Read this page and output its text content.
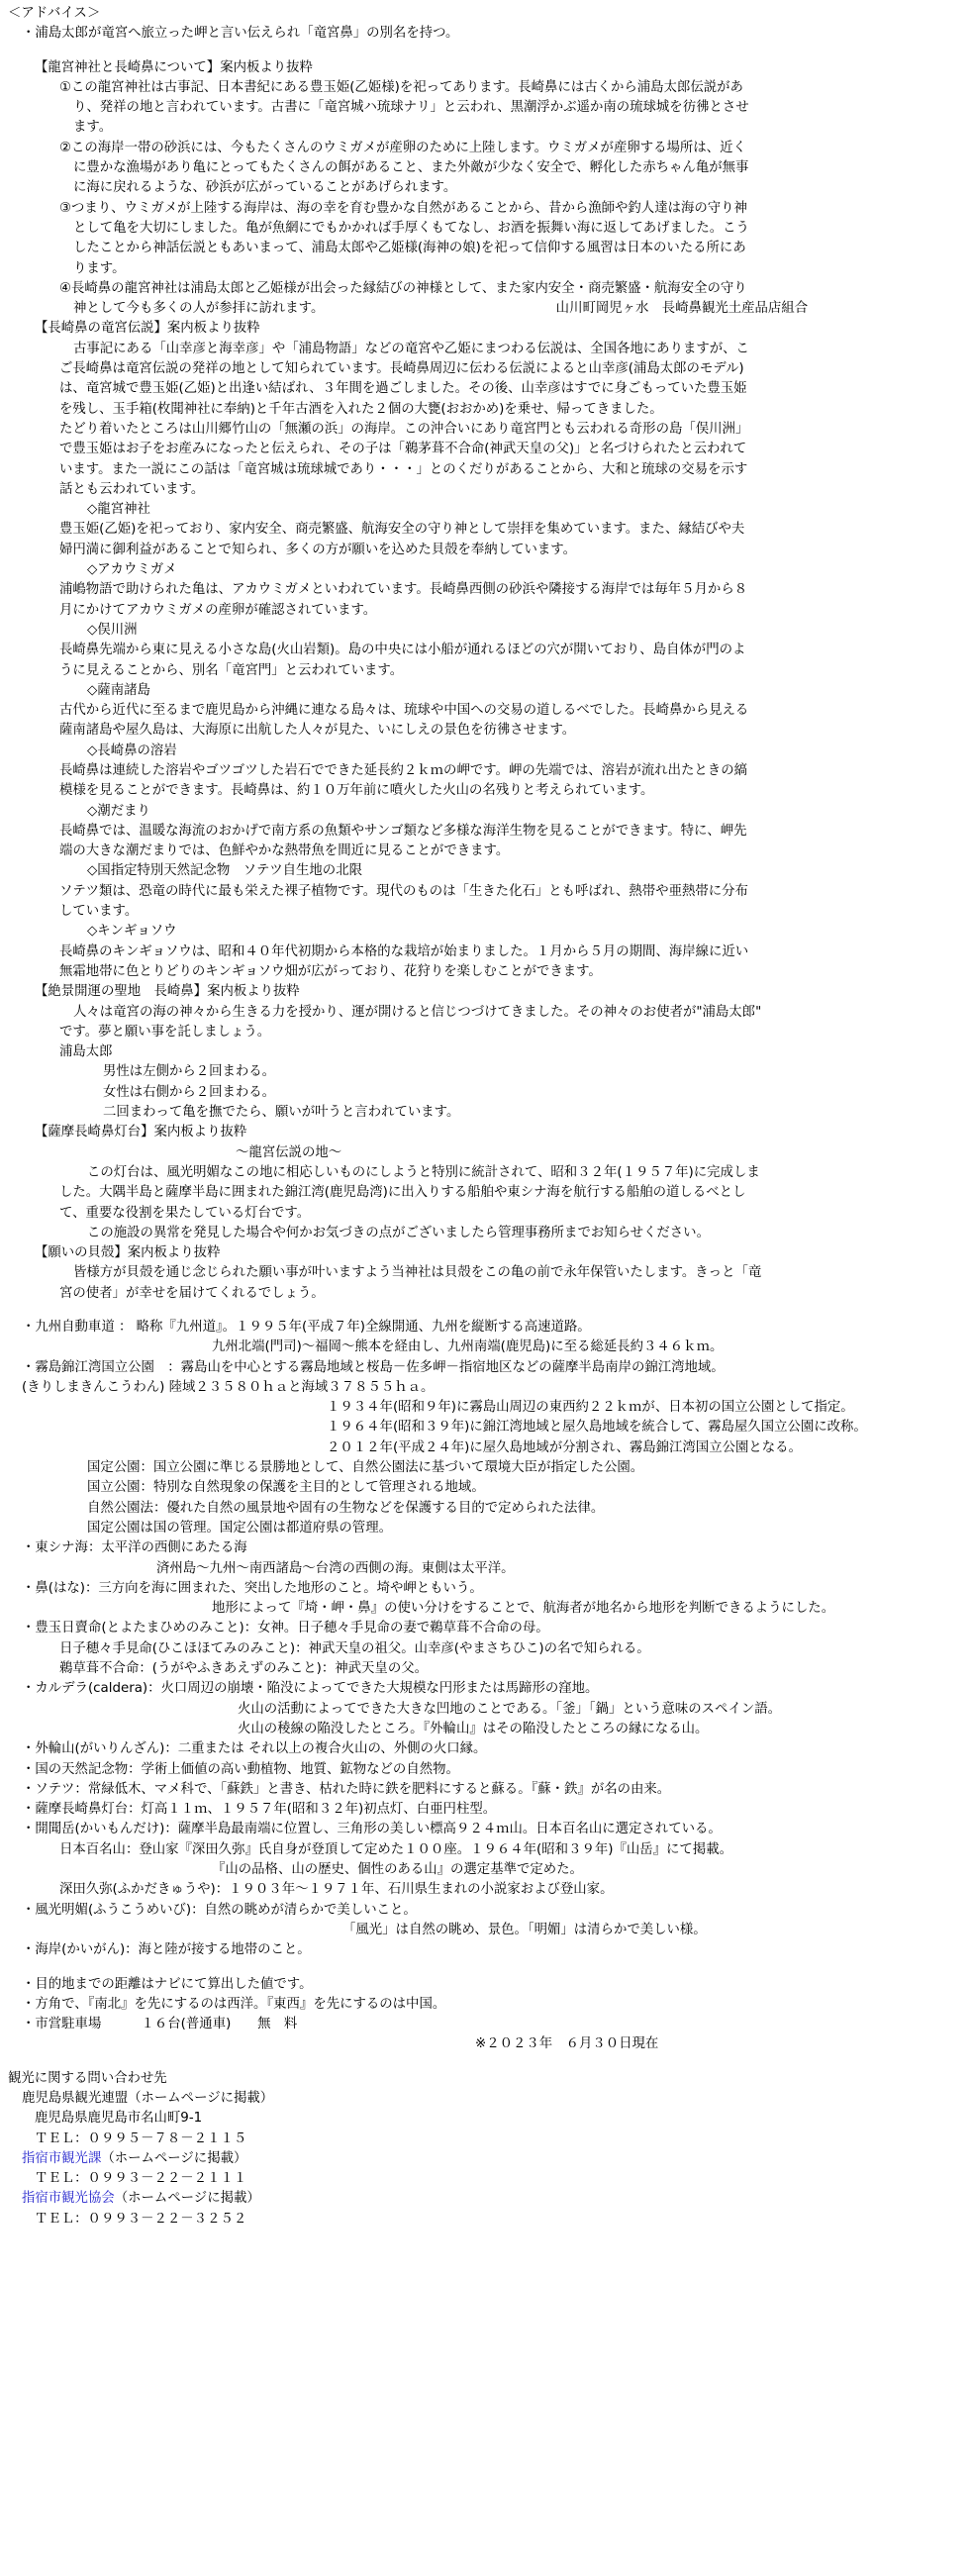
＜アドバイス＞
・浦島太郎が竜宮へ旅立った岬と言い伝えられ「竜宮鼻」の別名を持つ。
【龍宮神社と長崎鼻について】案内板より抜粋
①この龍宮神社は古事記、日本書紀にある豊玉姫(乙姫様)を祀ってあります。長崎鼻には古くから浦島太郎伝説があ
り、発祥の地と言われています。古書に「竜宮城ハ琉球ナリ」と云われ、黒潮浮かぶ遥か南の琉球城を彷彿とさせ
ます。
②この海岸一帯の砂浜には、今もたくさんのウミガメが産卵のために上陸します。ウミガメが産卵する場所は、近く
に豊かな漁場があり亀にとってもたくさんの餌があること、また外敵が少なく安全で、孵化した赤ちゃん亀が無事
に海に戻れるような、砂浜が広がっていることがあげられます。
③つまり、ウミガメが上陸する海岸は、海の幸を育む豊かな自然があることから、昔から漁師や釣人達は海の守り神
として亀を大切にしました。亀が魚網にでもかかれば手厚くもてなし、お酒を振舞い海に返してあげました。こう
したことから神話伝説ともあいまって、浦島太郎や乙姫様(海神の娘)を祀って信仰する風習は日本のいたる所にあ
ります。
④長崎鼻の龍宮神社は浦島太郎と乙姫様が出会った縁結びの神様として、また家内安全・商売繁盛・航海安全の守り
神として今も多くの人が参拝に訪れます。　　　　　　　　　　　　　　　　　　山川町岡児ヶ水　長崎鼻観光土産品店組合
【長崎鼻の竜宮伝説】案内板より抜粋
古事記にある「山幸彦と海幸彦」や「浦島物語」などの竜宮や乙姫にまつわる伝説は、全国各地にありますが、こ
ご長崎鼻は竜宮伝説の発祥の地として知られています。長崎鼻周辺に伝わる伝説によると山幸彦(浦島太郎のモデル)
は、竜宮城で豊玉姫(乙姫)と出逢い結ばれ、３年間を過ごしました。その後、山幸彦はすでに身ごもっていた豊玉姫
を残し、玉手箱(枚聞神社に奉納)と千年古酒を入れた２個の大甕(おおかめ)を乗せ、帰ってきました。
たどり着いたところは山川郷竹山の「無瀬の浜」の海岸。この沖合いにあり竜宮門とも云われる奇形の島「俣川洲」
で豊玉姫はお子をお産みになったと伝えられ、その子は「鵜茅葺不合命(神武天皇の父)」と名づけられたと云われて
います。また一説にこの話は「竜宮城は琉球城であり・・・」とのくだりがあることから、大和と琉球の交易を示す
話とも云われています。
◇龍宮神社
豊玉姫(乙姫)を祀っており、家内安全、商売繁盛、航海安全の守り神として崇拝を集めています。また、縁結びや夫
婦円満に御利益があることで知られ、多くの方が願いを込めた貝殻を奉納しています。
◇アカウミガメ
浦嶋物語で助けられた亀は、アカウミガメといわれています。長崎鼻西側の砂浜や隣接する海岸では毎年５月から８
月にかけてアカウミガメの産卵が確認されています。
◇俣川洲
長崎鼻先端から東に見える小さな島(火山岩類)。島の中央には小船が通れるほどの穴が開いており、島自体が門のよ
うに見えることから、別名「竜宮門」と云われています。
◇薩南諸島
古代から近代に至るまで鹿児島から沖縄に連なる島々は、琉球や中国への交易の道しるべでした。長崎鼻から見える
薩南諸島や屋久島は、大海原に出航した人々が見た、いにしえの景色を彷彿させます。
◇長崎鼻の溶岩
長崎鼻は連続した溶岩やゴツゴツした岩石でできた延長約２ｋｍの岬です。岬の先端では、溶岩が流れ出たときの縞
模様を見ることができます。長崎鼻は、約１０万年前に噴火した火山の名残りと考えられています。
◇潮だまり
長崎鼻では、温暖な海流のおかげで南方系の魚類やサンゴ類など多様な海洋生物を見ることができます。特に、岬先
端の大きな潮だまりでは、色鮮やかな熱帯魚を間近に見ることができます。
◇国指定特別天然記念物　ソテツ自生地の北限
ソテツ類は、恐竜の時代に最も栄えた裸子植物です。現代のものは「生きた化石」とも呼ばれ、熱帯や亜熱帯に分布
しています。
◇キンギョソウ
長崎鼻のキンギョソウは、昭和４０年代初期から本格的な栽培が始まりました。１月から５月の期間、海岸線に近い
無霜地帯に色とりどりのキンギョソウ畑が広がっており、花狩りを楽しむことができます。
【絶景開運の聖地　長崎鼻】案内板より抜粋
人々は竜宮の海の神々から生きる力を授かり、運が開けると信じつづけてきました。その神々のお使者が"浦島太郎"
です。夢と願い事を託しましょう。
浦島太郎
男性は左側から２回まわる。
女性は右側から２回まわる。
二回まわって亀を撫でたら、願いが叶うと言われています。
【薩摩長崎鼻灯台】案内板より抜粋
～龍宮伝説の地～
この灯台は、風光明媚なこの地に相応しいものにしようと特別に統計されて、昭和３２年(１９５７年)に完成しま
した。大隅半島と薩摩半島に囲まれた錦江湾(鹿児島湾)に出入りする船舶や東シナ海を航行する船舶の道しるべとし
て、重要な役割を果たしている灯台です。
この施設の異常を発見した場合や何かお気づきの点がございましたら管理事務所までお知らせください。
【願いの貝殻】案内板より抜粋
皆様方が貝殻を通じ念じられた願い事が叶いますよう当神社は貝殻をこの亀の前で永年保管いたします。きっと「竜
宮の使者」が幸せを届けてくれるでしょう。
・九州自動車道 ： 略称『九州道』。１９９５年(平成７年)全線開通、九州を縦断する高速道路。
九州北端(門司)～福岡～熊本を経由し、九州南端(鹿児島)に至る総延長約３４６ｋｍ。
・霧島錦江湾国立公園　：霧島山を中心とする霧島地域と桜島－佐多岬－指宿地区などの薩摩半島南岸の錦江湾地域。
(きりしまきんこうわん) 陸域２３５８０ｈａと海域３７８５５ｈａ。
１９３４年(昭和９年)に霧島山周辺の東西約２２ｋｍが、日本初の国立公園として指定。
１９６４年(昭和３９年)に錦江湾地域と屋久島地域を統合して、霧島屋久国立公園に改称。
２０１２年(平成２４年)に屋久島地域が分割され、霧島錦江湾国立公園となる。
国定公園：国立公園に準じる景勝地として、自然公園法に基づいて環境大臣が指定した公園。
国立公園：特別な自然現象の保護を主目的として管理される地域。
自然公園法：優れた自然の風景地や固有の生物などを保護する目的で定められた法律。
国定公園は国の管理。国定公園は都道府県の管理。
・東シナ海：太平洋の西側にあたる海
済州島～九州～南西諸島～台湾の西側の海。東側は太平洋。
・鼻(はな)：三方向を海に囲まれた、突出した地形のこと。埼や岬ともいう。
地形によって『埼・岬・鼻』の使い分けをすることで、航海者が地名から地形を判断できるようにした。
・豊玉日賣命(とよたまひめのみこと)：女神。日子穂々手見命の妻で鵜草葺不合命の母。
日子穂々手見命(ひこほほてみのみこと)：神武天皇の祖父。山幸彦(やまさちひこ)の名で知られる。
鵜草葺不合命：(うがやふきあえずのみこと)：神武天皇の父。
・カルデラ(caldera)：火口周辺の崩壊・陥没によってできた大規模な円形または馬蹄形の窪地。
火山の活動によってできた大きな凹地のことである。「釜」「鍋」という意味のスペイン語。
火山の稜線の陥没したところ。『外輪山』はその陥没したところの縁になる山。
・外輪山(がいりんざん)：二重または それ以上の複合火山の、外側の火口縁。
・国の天然記念物：学術上価値の高い動植物、地質、鉱物などの自然物。
・ソテツ：常緑低木、マメ科で、「蘇鉄」と書き、枯れた時に鉄を肥料にすると蘇る。『蘇・鉄』が名の由来。
・薩摩長崎鼻灯台：灯高１１ｍ、１９５７年(昭和３２年)初点灯、白亜円柱型。
・開聞岳(かいもんだけ)：薩摩半島最南端に位置し、三角形の美しい標高９２４ｍ山。日本百名山に選定されている。
日本百名山：登山家『深田久弥』氏自身が登頂して定めた１００座。１９６４年(昭和３９年)『山岳』にて掲載。
『山の品格、山の歴史、個性のある山』の選定基準で定めた。
深田久弥(ふかだきゅうや)：１９０３年～１９７１年、石川県生まれの小説家および登山家。
・風光明媚(ふうこうめいび)：自然の眺めが清らかで美しいこと。
「風光」は自然の眺め、景色。「明媚」は清らかで美しい様。
・海岸(かいがん)：海と陸が接する地帯のこと。
・目的地までの距離はナビにて算出した値です。
・方角で、『南北』を先にするのは西洋。『東西』を先にするのは中国。
・市営駐車場　　　１６台(普通車)　　無　料
※２０２３年　６月３０日現在
観光に関する問い合わせ先
鹿児島県観光連盟（ホームページに掲載）
鹿児島県鹿児島市名山町9-1
ＴＥＬ：０９９５－７８－２１１５
指宿市観光課（ホームページに掲載）
ＴＥＬ：０９９３－２２－２１１１
指宿市観光協会（ホームページに掲載）
ＴＥＬ：０９９３－２２－３２５２
